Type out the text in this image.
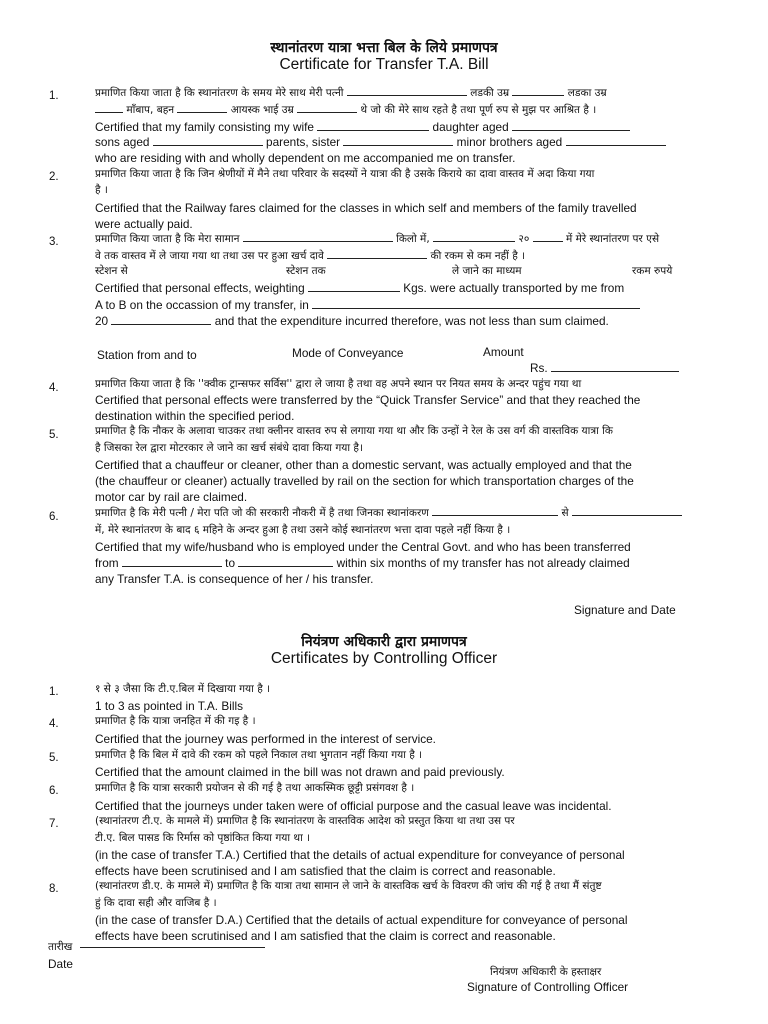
स्थानांतरण यात्रा भत्ता बिल के लिये प्रमाणपत्र
Certificate for Transfer T.A. Bill
1.	प्रमाणित किया जाता है कि स्थानांतरण के समय मेरे साथ मेरी पत्नी	लडकी उम्र	लडका उम्र
माँबाप, बहन	आयस्क भाई उम्र	थे जो की मेरे साथ रहते है तथा पूर्ण रुप से मुझ पर आश्रित है ।
Certified that my family consisting my wife	daughter aged
sons aged	parents, sister	minor brothers aged
who are residing with and wholly dependent on me accompanied me on transfer.
2.	प्रमाणित किया जाता है कि जिन श्रेणीयों में मैने तथा परिवार के सदस्यों ने यात्रा की है उसके किराये का दावा वास्तव में अदा किया गया
है ।
Certified that the Railway fares claimed for the classes in which self and members of the family travelled
were actually paid.
3.	प्रमाणित किया जाता है कि मेरा सामान	किलो में,	२०	में मेरे स्थानांतरण पर एसे
वे तक वास्तव में ले जाया गया था तथा उस पर हुआ खर्च दावे	की रकम से कम नहीं है ।
स्टेशन से	स्टेशन तक	ले जाने का माध्यम	रकम रुपये
Certified that personal effects, weighting	Kgs. were actually transported by me from
A to B on the occassion of my transfer, in
20	and that the expenditure incurred therefore, was not less than sum claimed.
Station from and to	Mode of Conveyance	Amount
Rs.
4.	प्रमाणित किया जाता है कि ''क्वीक ट्रान्सफर सर्विस'' द्वारा ले जाया है तथा वह अपने स्थान पर नियत समय के अन्दर पहुंच गया था
Certified that personal effects were transferred by the “Quick Transfer Service” and that they reached the
destination within the specified period.
5.	प्रमाणित है कि नौकर के अलावा चाउकर तथा क्लीनर वास्तव रुप से लगाया गया था और कि उन्हों ने रेल के उस वर्ग की वास्तविक यात्रा कि
है जिसका रेल द्वारा मोटरकार ले जाने का खर्च संबंधे दावा किया गया है।
Certified that a chauffeur or cleaner, other than a domestic servant, was actually employed and that the
(the chauffeur or cleaner) actually travelled by rail on the section for which transportation charges of the
motor car by rail are claimed.
6.	प्रमाणित है कि मेरी पत्नी / मेरा पति जो की सरकारी नौकरी में है तथा जिनका स्थानांकरण	से
में, मेरे स्थानांतरण के बाद ६ महिने के अन्दर हुआ है तथा उसने कोई स्थानांतरण भत्ता दावा पहले नहीं किया है ।
Certified that my wife/husband who is employed under the Central Govt. and who has been transferred
from	to	within six months of my transfer has not already claimed
any Transfer T.A. is consequence of her / his transfer.
Signature and Date
नियंत्रण अधिकारी द्वारा प्रमाणपत्र
Certificates by Controlling Officer
1.	१ से ३ जैसा कि टी.ए.बिल में दिखाया गया है ।
1 to 3 as pointed in T.A. Bills
4.	प्रमाणित है कि यात्रा जनहित में की गइ है ।
Certified that the journey was performed in the interest of service.
5.	प्रमाणित है कि बिल में दावे की रकम को पहले निकाल तथा भुगतान नहीं किया गया है ।
Certified that the amount claimed in the bill was not drawn and paid previously.
6.	प्रमाणित है कि यात्रा सरकारी प्रयोजन से की गई है तथा आकस्मिक छूट्टी प्रसंगवश है ।
Certified that the journeys under taken were of official purpose and the casual leave was incidental.
7.	(स्थानांतरण टी.ए. के मामले में) प्रमाणित है कि स्थानांतरण के वास्तविक आदेश को प्रस्तुत किया था तथा उस पर
टी.ए. बिल पासड कि रिर्मास को पृष्ठांकित किया गया था ।
(in the case of transfer T.A.) Certified that the details of actual expenditure for conveyance of personal
effects have been scrutinised and I am satisfied that the claim is correct and reasonable.
8.	(स्थानांतरण डी.ए. के मामले में) प्रमाणित है कि यात्रा तथा सामान ले जाने के वास्तविक खर्च के विवरण की जांच की गई है तथा मैं संतुष्ट
हुं कि दावा सही और वाजिब है ।
(in the case of transfer D.A.) Certified that the details of actual expenditure for conveyance of personal
effects have been scrutinised and I am satisfied that the claim is correct and reasonable.
तारीख
Date
नियंत्रण अधिकारी के हस्ताक्षर
Signature of Controlling Officer
